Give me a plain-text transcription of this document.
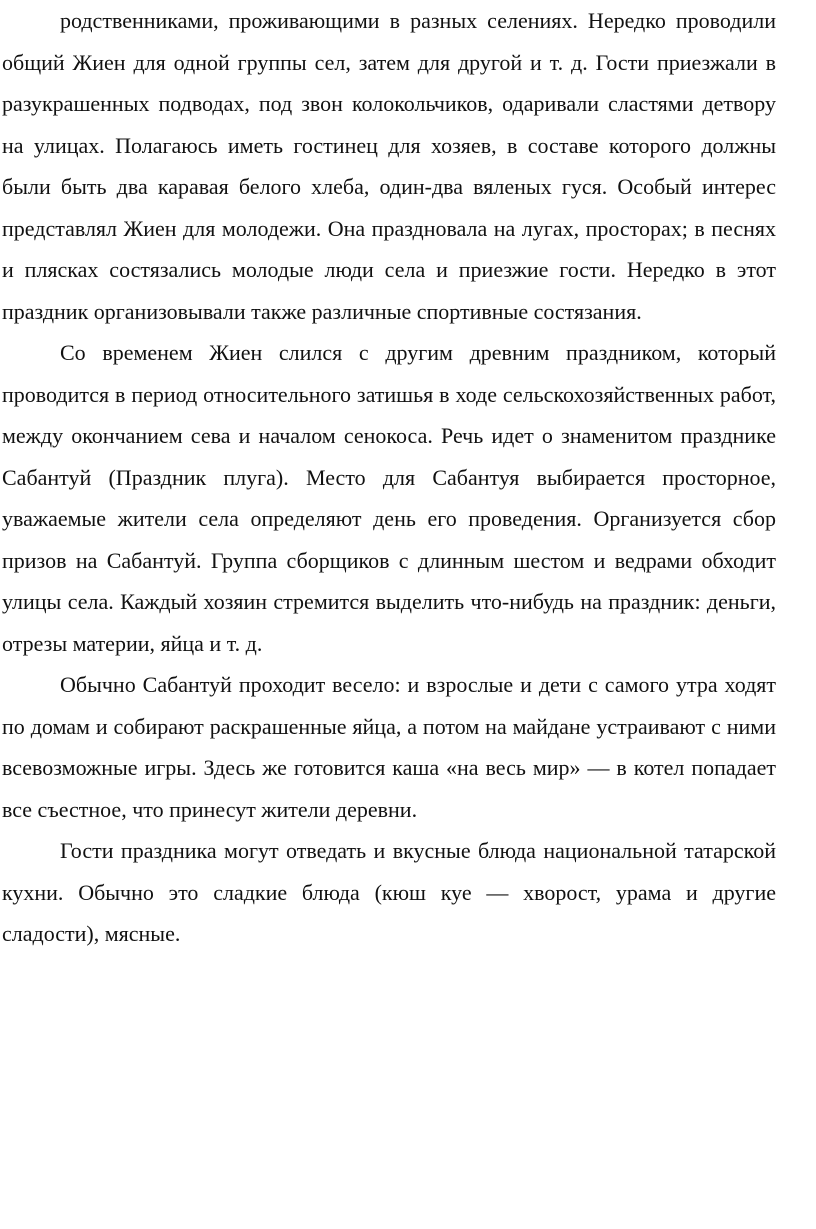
родственниками, проживающими в разных селениях. Нередко проводили общий Жиен для одной группы сел, затем для другой и т. д. Гости приезжали в разукрашенных подводах, под звон колокольчиков, одаривали сластями детвору на улицах. Полагаюсь иметь гостинец для хозяев, в составе которого должны были быть два каравая белого хлеба, один-два вяленых гуся. Особый интерес представлял Жиен для молодежи. Она праздновала на лугах, просторах; в песнях и плясках состязались молодые люди села и приезжие гости. Нередко в этот праздник организовывали также различные спортивные состязания.

Со временем Жиен слился с другим древним праздником, который проводится в период относительного затишья в ходе сельскохозяйственных работ, между окончанием сева и началом сенокоса. Речь идет о знаменитом празднике Сабантуй (Праздник плуга). Место для Сабантуя выбирается просторное, уважаемые жители села определяют день его проведения. Организуется сбор призов на Сабантуй. Группа сборщиков с длинным шестом и ведрами обходит улицы села. Каждый хозяин стремится выделить что-нибудь на праздник: деньги, отрезы материи, яйца и т. д.

Обычно Сабантуй проходит весело: и взрослые и дети с самого утра ходят по домам и собирают раскрашенные яйца, а потом на майдане устраивают с ними всевозможные игры. Здесь же готовится каша «на весь мир» — в котел попадает все съестное, что принесут жители деревни.

Гости праздника могут отведать и вкусные блюда национальной татарской кухни. Обычно это сладкие блюда (кюш куе — хворост, урама и другие сладости), мясные.
